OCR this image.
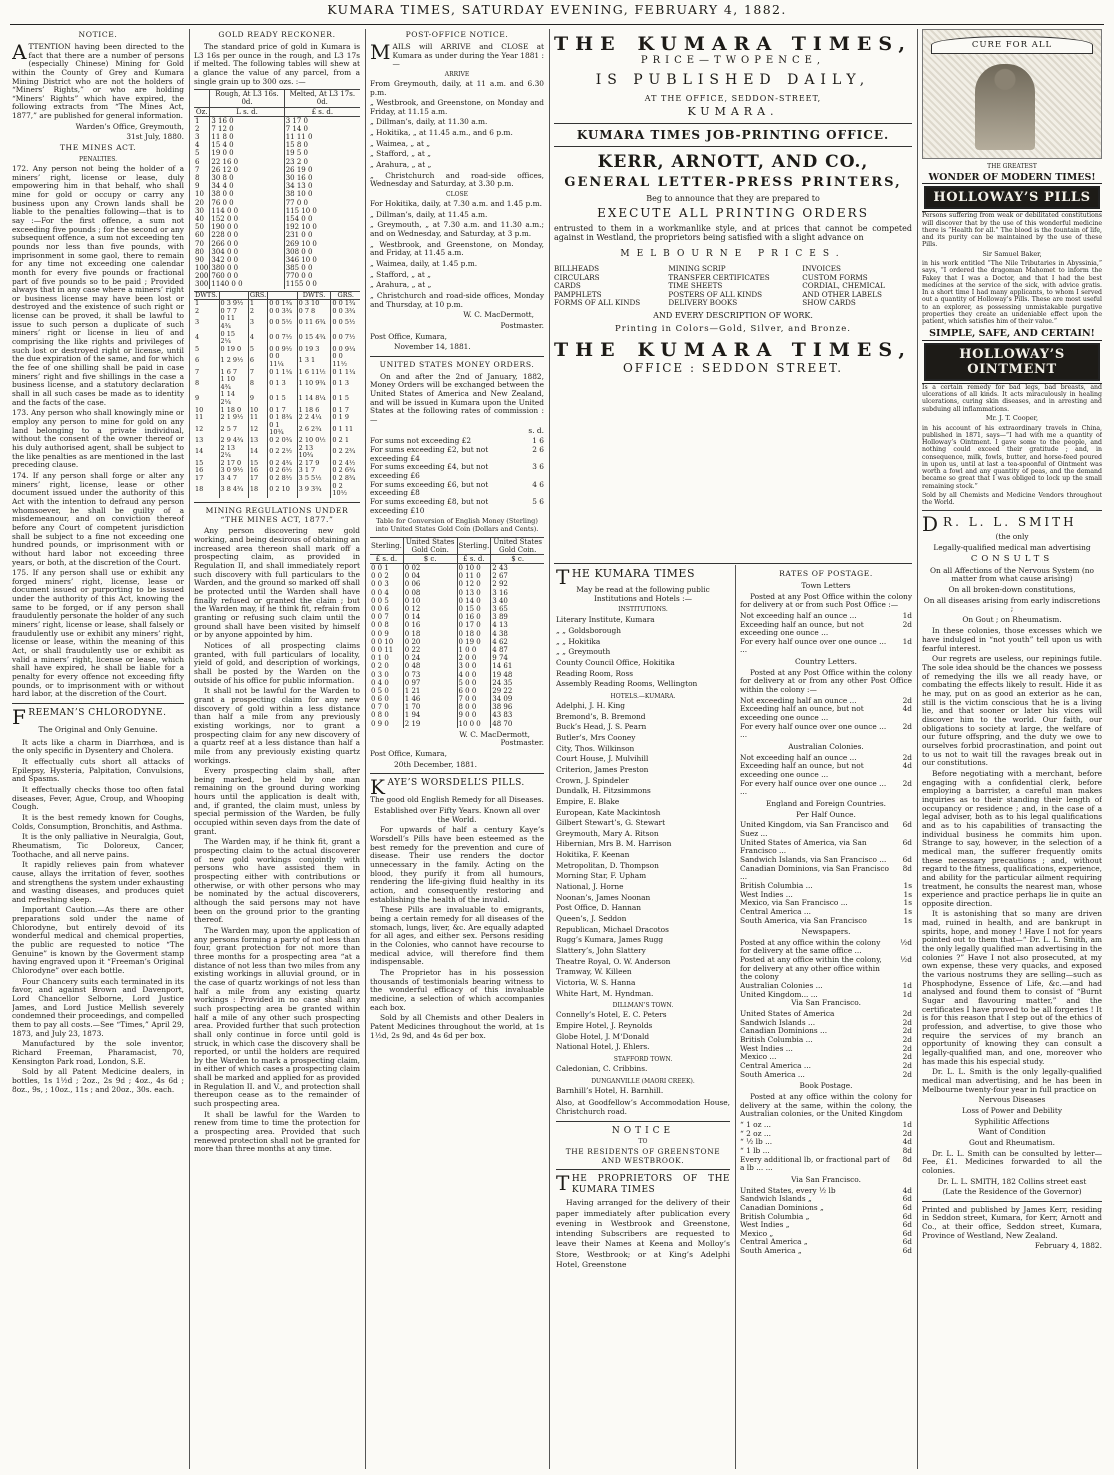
KUMARA TIMES, SATURDAY EVENING, FEBRUARY 4, 1882.
NOTICE.

ATTENTION having been directed to the fact that there are a number of persons (especially Chinese) Mining for Gold within the County of Grey and Kumara Mining District who are not the holders of “Miners’ Rights,” or who are holding “Miners’ Rights” which have expired, the following extracts from “The Mines Act, 1877,” are published for general information.

Warden’s Office, Greymouth,

31st July, 1880.

THE MINES ACT.

PENALTIES.

172. Any person not being the holder of a miners’ right, license or lease, duly empowering him in that behalf, who shall mine for gold or occupy or carry any business upon any Crown lands shall be liable to the penalties following—that is to say :—For the first offence, a sum not exceeding five pounds ; for the second or any subsequent offence, a sum not exceeding ten pounds nor less than five pounds, with imprisonment in some gaol, there to remain for any time not exceeding one calendar month for every five pounds or fractional part of five pounds so to be paid ; Provided always that in any case where a miners’ right or business license may have been lost or destroyed and the existence of such right or license can be proved, it shall be lawful to issue to such person a duplicate of such miners’ right or license in lieu of and comprising the like rights and privileges of such lost or destroyed right or license, until the due expiration of the same, and for which the fee of one shilling shall be paid in case miners’ right and five shillings in the case a business license, and a statutory declaration shall in all such cases be made as to identity and the facts of the case.

173. Any person who shall knowingly mine or employ any person to mine for gold on any land belonging to a private individual, without the consent of the owner thereof or his duly authorised agent, shall be subject to the like penalties as are mentioned in the last preceding clause.

174. If any person shall forge or alter any miners’ right, license, lease or other document issued under the authority of this Act with the intention to defraud any person whomsoever, he shall be guilty of a misdemeanour, and on conviction thereof before any Court of competent jurisdiction shall be subject to a fine not exceeding one hundred pounds, or imprisonment with or without hard labor not exceeding three years, or both, at the discretion of the Court.

175. If any person shall use or exhibit any forged miners’ right, license, lease or document issued or purporting to be issued under the authority of this Act, knowing the same to be forged, or if any person shall fraudulently personate the holder of any such miners’ right, license or lease, shall falsely or fraudulently use or exhibit any miners’ right, license or lease, within the meaning of this Act, or shall fraudulently use or exhibit as valid a miners’ right, license or lease, which shall have expired, he shall be liable for a penalty for every offence not exceeding fifty pounds, or to imprisonment with or without hard labor, at the discretion of the Court.

FREEMAN’S CHLORODYNE.

The Original and Only Genuine.

It acts like a charm in Diarrhœa, and is the only specific in Dysentery and Cholera.

It effectually cuts short all attacks of Epilepsy, Hysteria, Palpitation, Convulsions, and Spasms.

It effectually checks those too often fatal diseases, Fever, Ague, Croup, and Whooping Cough.

It is the best remedy known for Coughs, Colds, Consumption, Bronchitis, and Asthma.

It is the only palliative in Neuralgia, Gout, Rheumatism, Tic Doloreux, Cancer, Toothache, and all nerve pains.

It rapidly relieves pain from whatever cause, allays the irritation of fever, soothes and strengthens the system under exhausting and wasting diseases, and produces quiet and refreshing sleep.

Important Caution.—As there are other preparations sold under the name of Chlorodyne, but entirely devoid of its wonderful medical and chemical properties, the public are requested to notice “The Genuine” is known by the Goverment stamp having engraved upon it “Freeman’s Original Chlorodyne” over each bottle.

Four Chancery suits each terminated in its favor, and against Brown and Davenport, Lord Chancellor Selborne, Lord Justice James, and Lord Justice Mellish severely condemned their proceedings, and compelled them to pay all costs.—See “Times,” April 29, 1873, and July 23, 1873.

Manufactured by the sole inventor, Richard Freeman, Pharamacist, 70, Kensington Park road, London, S.E.

Sold by all Patent Medicine dealers, in bottles, 1s 1½d ; 2oz., 2s 9d ; 4oz., 4s 6d ; 8oz., 9s, ; 10oz., 11s ; and 20oz., 30s. each.

GOLD READY RECKONER.

The standard price of gold in Kumara is L3 16s per ounce in the rough, and L3 17s if melted. The following tables will shew at a glance the value of any parcel, from a single grain up to 300 ozs. :—

	Rough, At L3 16s. 0d.	Melted, At L3 17s. 0d.
Oz.	L s. d.	£ s. d.
1	3 16 0	3 17 0
2	7 12 0	7 14 0
3	11 8 0	11 11 0
4	15 4 0	15 8 0
5	19 0 0	19 5 0
6	22 16 0	23 2 0
7	26 12 0	26 19 0
8	30 8 0	30 16 0
9	34 4 0	34 13 0
10	38 0 0	38 10 0
20	76 0 0	77 0 0
30	114 0 0	115 10 0
40	152 0 0	154 0 0
50	190 0 0	192 10 0
60	228 0 0	231 0 0
70	266 0 0	269 10 0
80	304 0 0	308 0 0
90	342 0 0	346 10 0
100	380 0 0	385 0 0
200	760 0 0	770 0 0
300	1140 0 0	1155 0 0
DWTS.		GRS.		DWTS.	GRS.
1	0 3 9½	1	0 0 1¾	0 3 10	0 0 1¾
2	0 7 7	2	0 0 3¾	0 7 8	0 0 3¾
3	0 11 4¾	3	0 0 5½	0 11 6¾	0 0 5½
4	0 15 2¼	4	0 0 7½	0 15 4¾	0 0 7½
5	0 19 0	5	0 0 9½	0 19 3	0 0 9¼
6	1 2 9½	6	0 0 11¼	1 3 1	0 0 11½
7	1 6 7	7	0 1 1¼	1 6 11½	0 1 1¼
8	1 10 4¾	8	0 1 3	1 10 9¾	0 1 3
9	1 14 2¼	9	0 1 5	1 14 8¼	0 1 5
10	1 18 0	10	0 1 7	1 18 6	0 1 7
11	2 1 9½	11	0 1 8¾	2 2 4¼	0 1 9
12	2 5 7	12	0 1 10¾	2 6 2¾	0 1 11
13	2 9 4¾	13	0 2 0¾	2 10 0½	0 2 1
14	2 13 2¼	14	0 2 2½	2 13 10¾	0 2 2¾
15	2 17 0	15	0 2 4¾	2 17 9	0 2 4½
16	3 0 9½	16	0 2 6½	3 1 7	0 2 6¾
17	3 4 7	17	0 2 8½	3 5 5½	0 2 8¾
18	3 8 4¾	18	0 2 10	3 9 3¾	0 2 10½
MINING REGULATIONS UNDER “THE MINES ACT, 1877.”

Any person discovering new gold working, and being desirous of obtaining an increased area thereon shall mark off a prospecting claim, as provided in Regulation II, and shall immediately report such discovery with full particulars to the Warden, and the ground so marked off shall be protected until the Warden shall have finally refused or granted the claim ; but the Warden may, if he think fit, refrain from granting or refusing such claim until the ground shall have been visited by himself or by anyone appointed by him.

Notices of all prospecting claims granted, with full particulars of locality, yield of gold, and description of workings, shall be posted by the Warden on the outside of his office for public information.

It shall not be lawful for the Warden to grant a prospecting claim for any new discovery of gold within a less distance than half a mile from any previously existing workings, nor to grant a prospecting claim for any new discovery of a quartz reef at a less distance than half a mile from any previously existing quartz workings.

Every prospecting claim shall, after being marked, be held by one man remaining on the ground during working hours until the application is dealt with, and, if granted, the claim must, unless by special permission of the Warden, be fully occupied within seven days from the date of grant.

The Warden may, if he think fit, grant a prospecting claim to the actual discoverer of new gold workings conjointly with persons who have assisted them in prospecting either with contributions or otherwise, or with other persons who may be nominated by the actual discoverers, although the said persons may not have been on the ground prior to the granting thereof.

The Warden may, upon the application of any persons forming a party of not less than four, grant protection for not more than three months for a prospecting area “at a distance of not less than two miles from any existing workings in alluvial ground, or in the case of quartz workings of not less than half a mile from any existing quartz workings : Provided in no case shall any such prospecting area be granted within half a mile of any other such prospecting area. Provided further that such protection shall only continue in force until gold is struck, in which case the discovery shall be reported, or until the holders are required by the Warden to mark a prospecting claim, in either of which cases a prospecting claim shall be marked and applied for as provided in Regulation II. and V., and protection shall thereupon cease as to the remainder of such prospecting area.

It shall be lawful for the Warden to renew from time to time the protection for a prospecting area. Provided that such renewed protection shall not be granted for more than three months at any time.

POST-OFFICE NOTICE.

MAILS will ARRIVE and CLOSE at Kumara as under during the Year 1881 :—

ARRIVE

From Greymouth, daily, at 11 a.m. and 6.30 p.m.

„ Westbrook, and Greenstone, on Monday and Friday, at 11.15 a.m.

„ Dillman’s, daily, at 11.30 a.m.

„ Hokitika, „ at 11.45 a.m., and 6 p.m.

„ Waimea, „ at „

„ Stafford, „ at „

„ Arahura, „ at „

„ Christchurch and road-side offices, Wednesday and Saturday, at 3.30 p.m.

CLOSE

For Hokitika, daily, at 7.30 a.m. and 1.45 p.m.

„ Dillman’s, daily, at 11.45 a.m.

„ Greymouth, „ at 7.30 a.m. and 11.30 a.m.; and on Wednesday, and Saturday, at 3 p.m.

„ Westbrook, and Greenstone, on Monday, and Friday, at 11.45 a.m.

„ Waimea, daily, at 1.45 p.m.

„ Stafford, „ at „

„ Arahura, „ at „

„ Christchurch and road-side offices, Monday and Thursday, at 10 p.m.

W. C. MacDermott,

Postmaster.

Post Office, Kumara,

November 14, 1881.

UNITED STATES MONEY ORDERS.

On and after the 2nd of January, 1882, Money Orders will be exchanged between the United States of America and New Zealand, and will be issued in Kumara upon the United States at the following rates of commission :—

s. d.

For sums not exceeding £2	1 6
For sums exceeding £2, but not exceeding £4
2 6
For sums exceeding £4, but not exceeding £6
3 6
For sums exceeding £6, but not exceeding £8
4 6
For sums exceeding £8, but not exceeding £10
5 6

Table for Conversion of English Money (Sterling) into United States Gold Coin (Dollars and Cents).

Sterling.	United States Gold Coin.	Sterling.	United States Gold Coin.
£ s. d.	$ c.	£ s. d.	$ c.
0 0 1	0 02	0 10 0	2 43
0 0 2	0 04	0 11 0	2 67
0 0 3	0 06	0 12 0	2 92
0 0 4	0 08	0 13 0	3 16
0 0 5	0 10	0 14 0	3 40
0 0 6	0 12	0 15 0	3 65
0 0 7	0 14	0 16 0	3 89
0 0 8	0 16	0 17 0	4 13
0 0 9	0 18	0 18 0	4 38
0 0 10	0 20	0 19 0	4 62
0 0 11	0 22	1 0 0	4 87
0 1 0	0 24	2 0 0	9 74
0 2 0	0 48	3 0 0	14 61
0 3 0	0 73	4 0 0	19 48
0 4 0	0 97	5 0 0	24 35
0 5 0	1 21	6 0 0	29 22
0 6 0	1 46	7 0 0	34 09
0 7 0	1 70	8 0 0	38 96
0 8 0	1 94	9 0 0	43 83
0 9 0	2 19	10 0 0	48 70

W. C. MacDermott,

Postmaster.

Post Office, Kumara,

20th December, 1881.

KAYE’S WORSDELL’S PILLS.

The good old English Remedy for all Diseases.

Established over Fifty Years. Known all over the World.

For upwards of half a century Kaye’s Worsdell’s Pills have been esteemed as the best remedy for the prevention and cure of disease. Their use renders the doctor unnecessary in the family. Acting on the blood, they purify it from all humours, rendering the life-giving fluid healthy in its action, and consequently restoring and establishing the health of the invalid.

These Pills are invaluable to emigrants, being a certain remedy for all diseases of the stomach, lungs, liver, &c. Are equally adapted for all ages, and either sex. Persons residing in the Colonies, who cannot have recourse to medical advice, will therefore find them indispensable.

The Proprietor has in his possession thousands of testimonials bearing witness to the wonderful efficacy of this invaluable medicine, a selection of which accompanies each box.

Sold by all Chemists and other Dealers in Patent Medicines throughout the world, at 1s 1½d, 2s 9d, and 4s 6d per box.

THE KUMARA TIMES,

PRICE—TWOPENCE,

IS PUBLISHED DAILY,

AT THE OFFICE, SEDDON-STREET,

KUMARA.

KUMARA TIMES JOB-PRINTING OFFICE.

KERR, ARNOTT, AND CO.,

GENERAL LETTER-PRESS PRINTERS,

Beg to announce that they are prepared to

EXECUTE ALL PRINTING ORDERS

entrusted to them in a workmanlike style, and at prices that cannot be competed against in Westland, the proprietors being satisfied with a slight advance on

MELBOURNE PRICES.

BILLHEADS	MINING SCRIP	INVOICES
CIRCULARS	TRANSFER CERTIFICATES	CUSTOM FORMS
CARDS	TIME SHEETS	CORDIAL, CHEMICAL
PAMPHLETS	POSTERS OF ALL KINDS	AND OTHER LABELS
FORMS OF ALL KINDS	DELIVERY BOOKS	SHOW CARDS

AND EVERY DESCRIPTION OF WORK.

Printing in Colors—Gold, Silver, and Bronze.

THE KUMARA TIMES,

OFFICE : SEDDON STREET.

THE KUMARA TIMES

May be read at the following public Institutions and Hotels :—

INSTITUTIONS.

Literary Institute, Kumara

„ „ Goldsborough

„ „ Hokitika

„ „ Greymouth

County Council Office, Hokitika

Reading Room, Ross

Assembly Reading Rooms, Wellington

HOTELS.—KUMARA.

Adelphi, J. H. King

Bremond’s, B. Bremond

Buck’s Head, J. S. Pearn

Butler’s, Mrs Cooney

City, Thos. Wilkinson

Court House, J. Mulvihill

Criterion, James Preston

Crown, J. Spindeler

Dundalk, H. Fitzsimmons

Empire, E. Blake

European, Kate Mackintosh

Gilbert Stewart’s, G. Stewart

Greymouth, Mary A. Ritson

Hibernian, Mrs B. M. Harrison

Hokitika, F. Keenan

Metropolitan, D. Thompson

Morning Star, F. Upham

National, J. Horne

Noonan’s, James Noonan

Post Office, D. Hannan

Queen’s, J. Seddon

Republican, Michael Dracotos

Rugg’s Kumara, James Rugg

Slattery’s, John Slattery

Theatre Royal, O. W. Anderson

Tramway, W. Killeen

Victoria, W. S. Hanna

White Hart, M. Hyndman.

DILLMAN’S TOWN.

Connelly’s Hotel, E. C. Peters

Empire Hotel, J. Reynolds

Globe Hotel, J. M‘Donald

National Hotel, J. Ehlers.

STAFFORD TOWN.

Caledonian, C. Cribbins.

DUNGANVILLE (MAORI CREEK).

Barnhill’s Hotel, H. Barnhill.

Also, at Goodfellow’s Accommodation House, Christchurch road.

NOTICE

TO

THE RESIDENTS OF GREENSTONE AND WESTBROOK.

THE PROPRIETORS OF THE KUMARA TIMES

Having arranged for the delivery of their paper immediately after publication every evening in Westbrook and Greenstone, intending Subscribers are requested to leave their Names at Keena and Molloy’s Store, Westbrook; or at King’s Adelphi Hotel, Greenstone

RATES OF POSTAGE.

Town Letters

Posted at any Post Office within the colony for delivery at or from such Post Office :—

Not exceeding half an ounce ...	1d
Exceeding half an ounce, but not exceeding one ounce ...
2d
For every half ounce over one ounce ... ...
1d

Country Letters.

Posted at any Post Office within the colony for delivery at or from any other Post Office within the colony :—

Not exceeding half an ounce ...	2d
Exceeding half an ounce, but not exceeding one ounce ...
4d
For every half ounce over one ounce ... ...
2d

Australian Colonies.

Not exceeding half an ounce ...	2d
Exceeding half an ounce, but not exceeding one ounce ...
4d
For every half ounce over one ounce ... ...
2d

England and Foreign Countries.

Per Half Ounce.

United Kingdom, via San Francisco and Suez ...
6d
United States of America, via San Francisco ...
6d
Sandwich Islands, via San Francisco ...	6d
Canadian Dominions, via San Francisco ...
8d
British Columbia ...	1s
West Indies ...	1s
Mexico, via San Francisco ...	1s
Central America ...	1s
South America, via San Francisco	1s

Newspapers.

Posted at any office within the colony for delivery at the same office ...
½d
Posted at any office within the colony, for delivery at any other office within the colony
½d
Australian Colonies ...	1d
United Kingdom... ...	1d

Via San Francisco.

United States of America	2d
Sandwich Islands ...	2d
Canadian Dominions ...	2d
British Columbia ...	2d
West Indies ...	2d
Mexico ...	2d
Central America ...	2d
South America ...	2d

Book Postage.

Posted at any office within the colony for delivery at the same, within the colony, the Australian colonies, or the United Kingdom

“ 1 oz ...	1d
“ 2 oz ...	2d
“ ½ lb ...	4d
“ 1 lb ...	8d
Every additional lb, or fractional part of a lb ... ...
8d

Via San Francisco.

United States, every ½ lb	4d
Sandwich Islands „	6d
Canadian Dominions „	6d
British Columbia „	6d
West Indies „	6d
Mexico „	6d
Central America „	6d
South America „	6d
CURE FOR ALL

THE GREATEST

WONDER OF MODERN TIMES!

HOLLOWAY’S PILLS

Persons suffering from weak or debilitated constitutions will discover that by the use of this wonderful medicine there is “Health for all.” The blood is the fountain of life, and its purity can be maintained by the use of these Pills.

Sir Samuel Baker,

in his work entitled “The Nile Tributaries in Abyssinia,” says, “I ordered the dragoman Mahomet to inform the Fakey that I was a Doctor, and that I had the best medicines at the service of the sick, with advice gratis. In a short time I had many applicants, to whom I served out a quantity of Holloway’s Pills. These are most useful to an explorer, as possessing unmistakable purgative properties they create an undeniable effect upon the patient, which satisfies him of their value.”

SIMPLE, SAFE, AND CERTAIN!

HOLLOWAY’S OINTMENT

Is a certain remedy for bad legs, bad breasts, and ulcerations of all kinds. It acts miraculously in healing ulcerations, curing skin diseases, and in arresting and subduing all inflammations.

Mr. J. T. Cooper,

in his account of his extraordinary travels in China, published in 1871, says—“I had with me a quantity of Holloway’s Ointment. I gave some to the people, and nothing could exceed their gratitude ; and, in consequence, milk, fowls, butter, and horse-feed poured in upon us, until at last a tea-spoonful of Ointment was worth a fowl and any quantity of peas, and the demand became so great that I was obliged to lock up the small remaining stock.”

Sold by all Chemists and Medicine Vendors throughout the World.

D R. L. L. SMITH

(the only

Legally-qualified medical man advertising

CONSULTS

On all Affections of the Nervous System (no matter from what cause arising)

On all broken-down constitutions,

On all diseases arising from early indiscretions ;

On Gout ; on Rheumatism.

In these colonies, those excesses which we have indulged in “not youth” tell upon us with fearful interest.

Our regrets are useless, our repinings futile. The sole idea should be the chances we possess of remedying the ills we all ready have, or combating the effects likely to result. Hide it as he may, put on as good an exterior as he can, still is the victim conscious that he is a living lie, and that sooner or later his vices will discover him to the world. Our faith, our obligations to society at large, the welfare of our future offspring, and the duty we owe to ourselves forbid procrastination, and point out to us not to wait till the ravages break out in our constitutions.

Before negotiating with a merchant, before engaging with a confidential clerk, before employing a barrister, a careful man makes inquiries as to their standing their length of occupancy or residence ; and, in the case of a legal adviser, both as to his legal qualifications and as to his capabilities of transacting the individual business he commits him upon. Strange to say, however, in the selection of a medical man, the sufferer frequently omits these necessary precautions ; and, without regard to the fitness, qualifications, experience, and ability for the particular ailment requiring treatment, he consults the nearest man, whose experience and practice perhaps lie in quite an opposite direction.

It is astonishing that so many are driven mad, ruined in health, and are bankrupt in spirits, hope, and money ! Have I not for years pointed out to them that—“ Dr. L. L. Smith, am the only legally qualified man advertising in the colonies ?” Have I not also prosecuted, at my own expense, these very quacks, and exposed the various nostrums they are selling—such as Phosphodyne, Essence of Life, &c.—and had analysed and found them to consist of “Burnt Sugar and flavouring matter,” and the certificates I have proved to be all forgeries ! It is for this reason that I step out of the ethics of profession, and advertise, to give those who require the services of my branch an opportunity of knowing they can consult a legally-qualified man, and one, moreover who has made this his especial study.

Dr. L. L. Smith is the only legally-qualified medical man advertising, and he has been in Melbourne twenty-four year in full practice on

Nervous Diseases

Loss of Power and Debility

Syphilitic Affections

Want of Condition

Gout and Rheumatism.

Dr. L. L. Smith can be consulted by letter—Fee, £1. Medicines forwarded to all the colonies.

Dr. L. L. SMITH, 182 Collins street east

(Late the Residence of the Governor)

Printed and published by James Kerr, residing in Seddon street, Kumara, for Kerr, Arnott and Co., at their office, Seddon street, Kumara, Province of Westland, New Zealand.

February 4, 1882.
